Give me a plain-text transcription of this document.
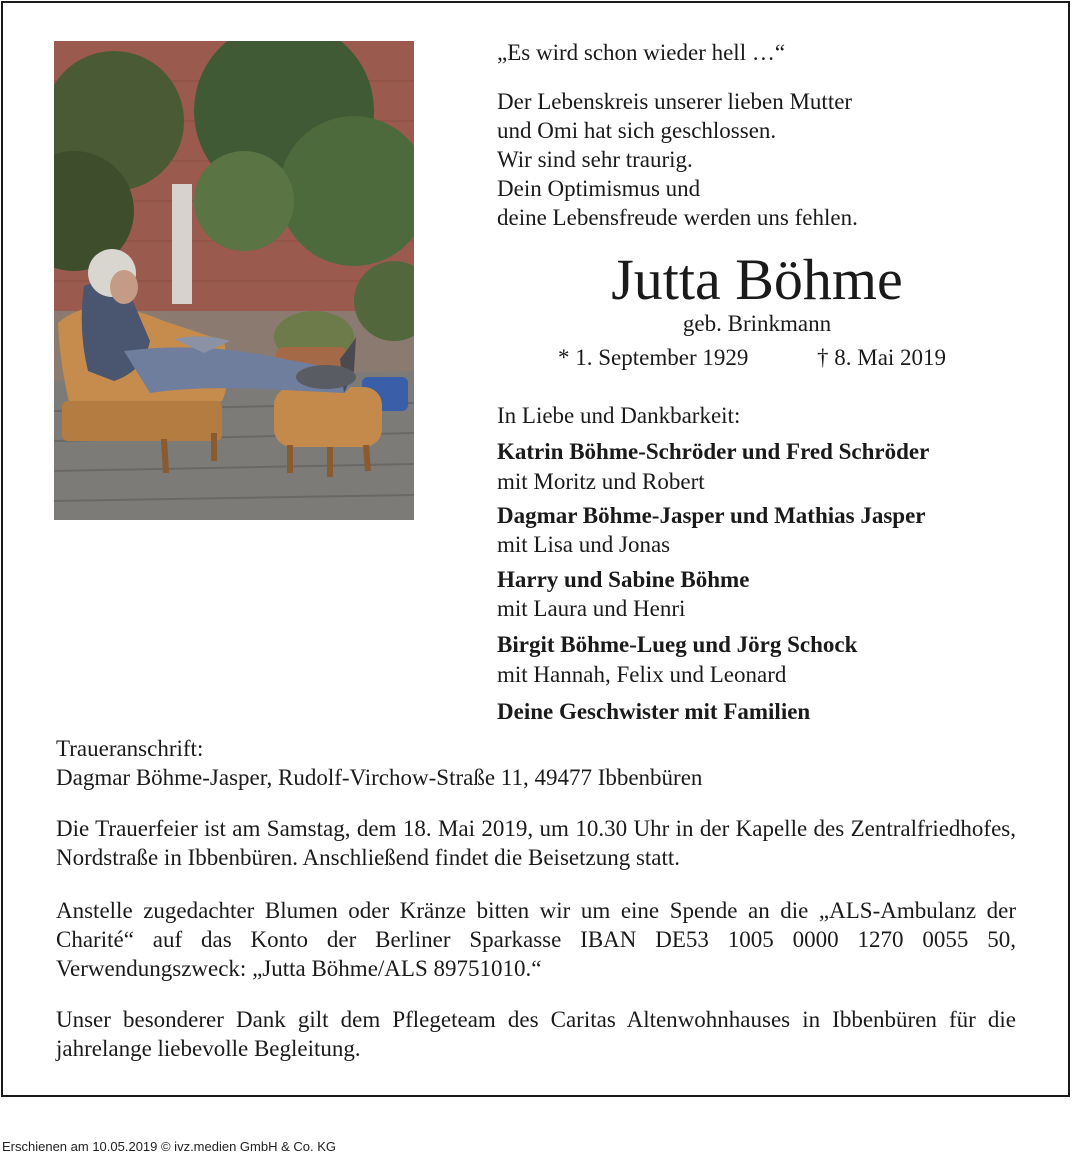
„Es wird schon wieder hell …“
Der Lebenskreis unserer lieben Mutter
und Omi hat sich geschlossen.
Wir sind sehr traurig.
Dein Optimismus und
deine Lebensfreude werden uns fehlen.
Jutta Böhme
geb. Brinkmann
* 1. September 1929	† 8. Mai 2019
In Liebe und Dankbarkeit:
Katrin Böhme-Schröder und Fred Schröder
mit Moritz und Robert
Dagmar Böhme-Jasper und Mathias Jasper
mit Lisa und Jonas
Harry und Sabine Böhme
mit Laura und Henri
Birgit Böhme-Lueg und Jörg Schock
mit Hannah, Felix und Leonard
Deine Geschwister mit Familien
Traueranschrift:
Dagmar Böhme-Jasper, Rudolf-Virchow-Straße 11, 49477 Ibbenbüren
Die Trauerfeier ist am Samstag, dem 18. Mai 2019, um 10.30 Uhr in der Kapelle des Zentralfriedhofes, Nordstraße in Ibbenbüren. Anschließend findet die Beisetzung statt.
Anstelle zugedachter Blumen oder Kränze bitten wir um eine Spende an die „ALS-Ambulanz der Charité“ auf das Konto der Berliner Sparkasse IBAN DE53 1005 0000 1270 0055 50, Verwendungszweck: „Jutta Böhme/ALS 89751010.“
Unser besonderer Dank gilt dem Pflegeteam des Caritas Altenwohnhauses in Ibbenbüren für die jahrelange liebevolle Begleitung.
Erschienen am 10.05.2019 © ivz.medien GmbH & Co. KG
